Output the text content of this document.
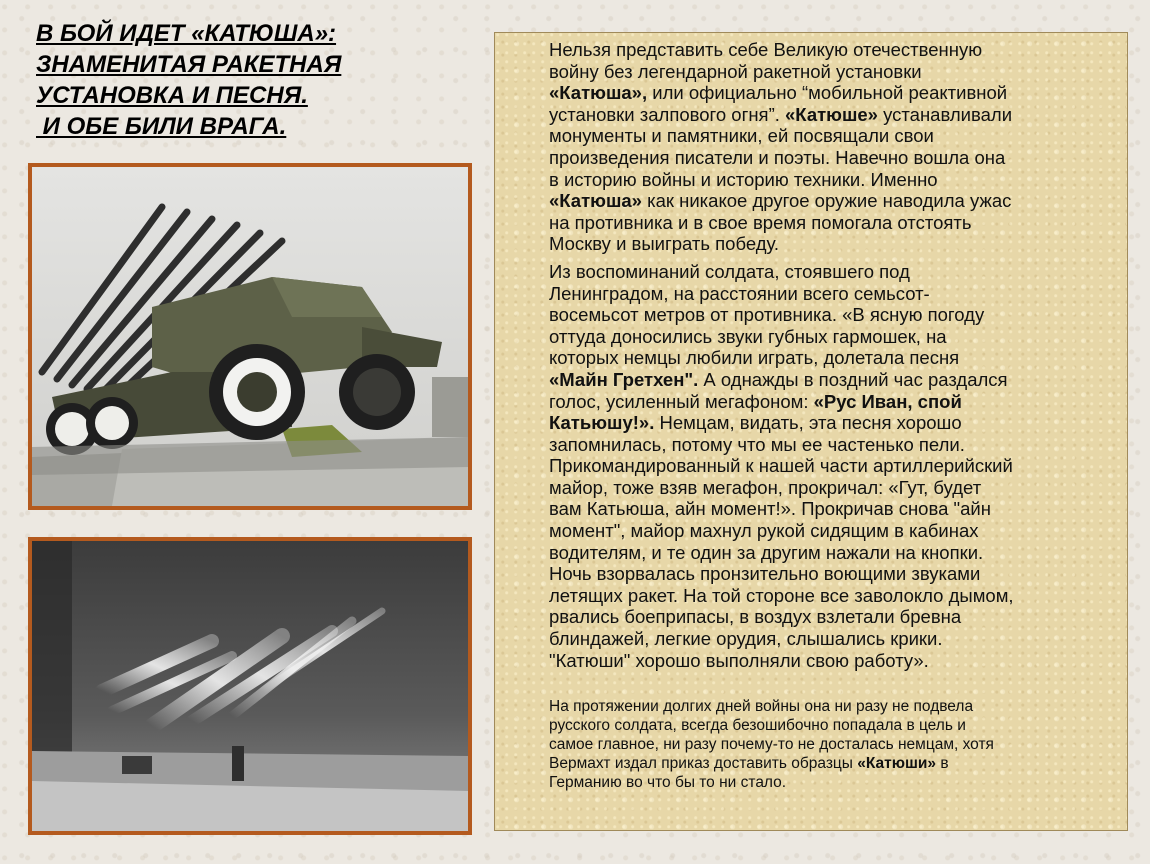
В БОЙ ИДЕТ «КАТЮША»:
ЗНАМЕНИТАЯ РАКЕТНАЯ
УСТАНОВКА И ПЕСНЯ.
И ОБЕ БИЛИ ВРАГА.

Нельзя представить себе Великую отечественную
войну без легендарной ракетной установки
«Катюша», или официально “мобильной реактивной
установки залпового огня”. «Катюше» устанавливали
монументы и памятники, ей посвящали свои
произведения писатели и поэты. Навечно вошла она
в историю войны и историю техники. Именно
«Катюша» как никакое другое оружие наводила ужас
на противника и в свое время помогала отстоять
Москву и выиграть победу.

Из воспоминаний солдата, стоявшего под
Ленинградом, на расстоянии всего семьсот-
восемьсот метров от противника. «В ясную погоду
оттуда доносились звуки губных гармошек, на
которых немцы любили играть, долетала песня
«Майн Гретхен". А однажды в поздний час раздался
голос, усиленный мегафоном: «Рус Иван, спой
Катьюшу!». Немцам, видать, эта песня хорошо
запомнилась, потому что мы ее частенько пели.
Прикомандированный к нашей части артиллерийский
майор, тоже взяв мегафон, прокричал: «Гут, будет
вам Катьюша, айн момент!». Прокричав снова "айн
момент", майор махнул рукой сидящим в кабинах
водителям, и те один за другим нажали на кнопки.
Ночь взорвалась пронзительно воющими звуками
летящих ракет. На той стороне все заволокло дымом,
рвались боеприпасы, в воздух взлетали бревна
блиндажей, легкие орудия, слышались крики.
"Катюши" хорошо выполняли свою работу».

На протяжении долгих дней войны она ни разу не подвела
русского солдата, всегда безошибочно попадала в цель и
самое главное, ни разу почему-то не досталась немцам, хотя
Вермахт издал приказ доставить образцы «Катюши» в
Германию во что бы то ни стало.
